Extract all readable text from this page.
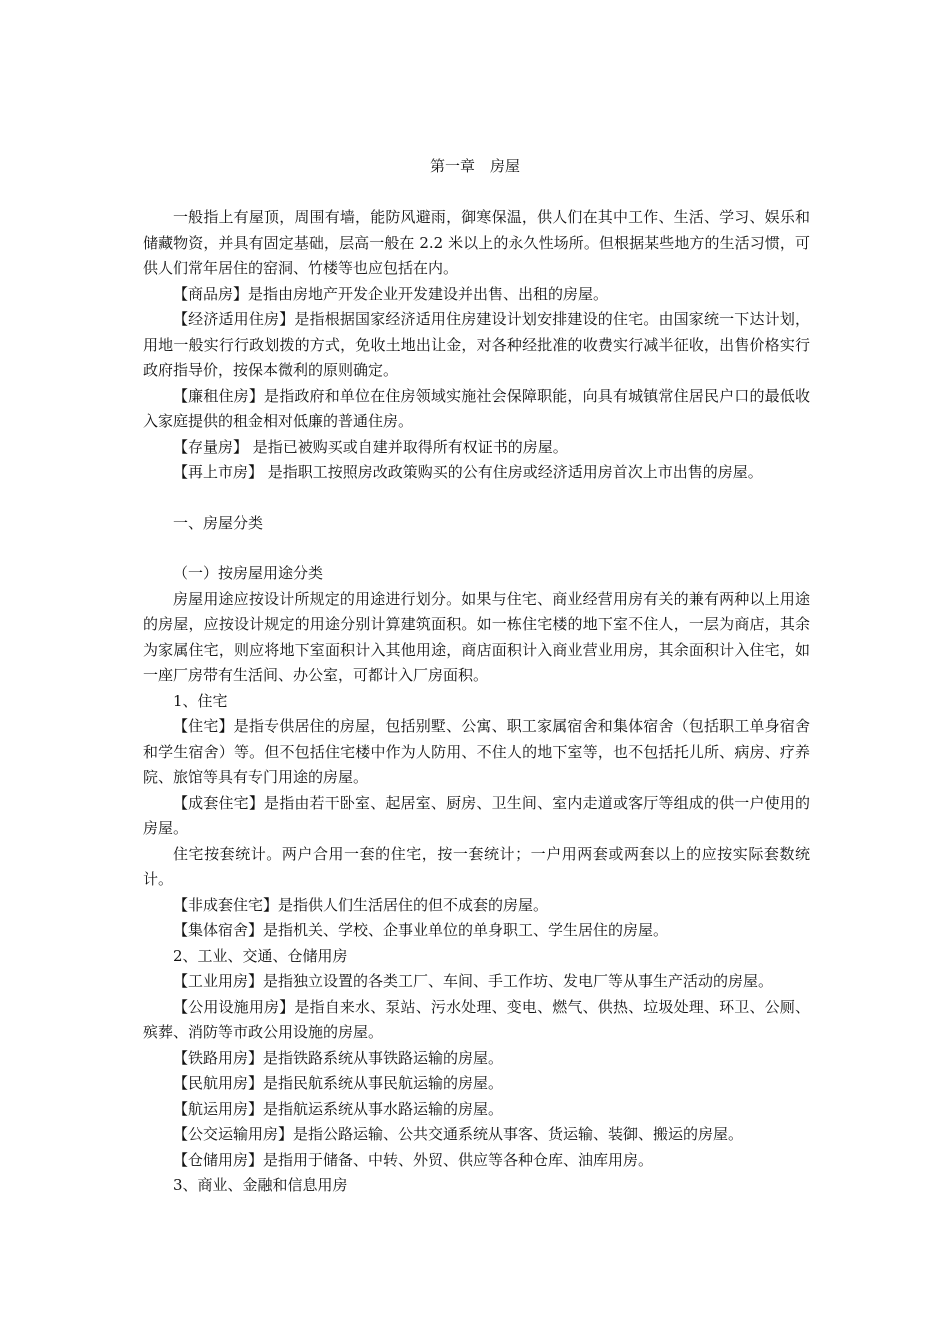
第一章　房屋

一般指上有屋顶，周围有墙，能防风避雨，御寒保温，供人们在其中工作、生活、学习、娱乐和储藏物资，并具有固定基础，层高一般在 2.2 米以上的永久性场所。但根据某些地方的生活习惯，可供人们常年居住的窑洞、竹楼等也应包括在内。

【商品房】是指由房地产开发企业开发建设并出售、出租的房屋。

【经济适用住房】是指根据国家经济适用住房建设计划安排建设的住宅。由国家统一下达计划，用地一般实行行政划拨的方式，免收土地出让金，对各种经批准的收费实行减半征收，出售价格实行政府指导价，按保本微利的原则确定。

【廉租住房】是指政府和单位在住房领域实施社会保障职能，向具有城镇常住居民户口的最低收入家庭提供的租金相对低廉的普通住房。

【存量房】 是指已被购买或自建并取得所有权证书的房屋。

【再上市房】 是指职工按照房改政策购买的公有住房或经济适用房首次上市出售的房屋。

一、房屋分类

（一）按房屋用途分类

房屋用途应按设计所规定的用途进行划分。如果与住宅、商业经营用房有关的兼有两种以上用途的房屋，应按设计规定的用途分别计算建筑面积。如一栋住宅楼的地下室不住人，一层为商店，其余为家属住宅，则应将地下室面积计入其他用途，商店面积计入商业营业用房，其余面积计入住宅，如一座厂房带有生活间、办公室，可都计入厂房面积。

1、住宅

【住宅】是指专供居住的房屋，包括别墅、公寓、职工家属宿舍和集体宿舍（包括职工单身宿舍和学生宿舍）等。但不包括住宅楼中作为人防用、不住人的地下室等，也不包括托儿所、病房、疗养院、旅馆等具有专门用途的房屋。

【成套住宅】是指由若干卧室、起居室、厨房、卫生间、室内走道或客厅等组成的供一户使用的房屋。

住宅按套统计。两户合用一套的住宅，按一套统计；一户用两套或两套以上的应按实际套数统计。

【非成套住宅】是指供人们生活居住的但不成套的房屋。

【集体宿舍】是指机关、学校、企事业单位的单身职工、学生居住的房屋。

2、工业、交通、仓储用房

【工业用房】是指独立设置的各类工厂、车间、手工作坊、发电厂等从事生产活动的房屋。

【公用设施用房】是指自来水、泵站、污水处理、变电、燃气、供热、垃圾处理、环卫、公厕、殡葬、消防等市政公用设施的房屋。

【铁路用房】是指铁路系统从事铁路运输的房屋。

【民航用房】是指民航系统从事民航运输的房屋。

【航运用房】是指航运系统从事水路运输的房屋。

【公交运输用房】是指公路运输、公共交通系统从事客、货运输、装御、搬运的房屋。

【仓储用房】是指用于储备、中转、外贸、供应等各种仓库、油库用房。

3、商业、金融和信息用房
